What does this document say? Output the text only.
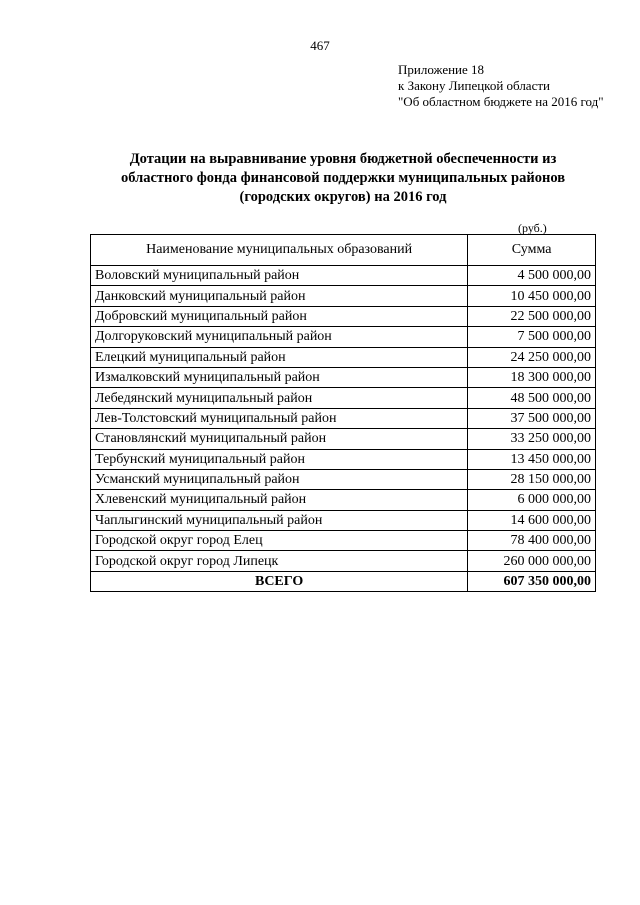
467
Приложение 18
к Закону Липецкой области
"Об областном бюджете на 2016 год"
Дотации на выравнивание уровня бюджетной обеспеченности из
областного фонда финансовой поддержки муниципальных районов
(городских округов) на 2016 год
(руб.)
Наименование муниципальных образований	Сумма
Воловский муниципальный район	4 500 000,00
Данковский муниципальный район	10 450 000,00
Добровский муниципальный район	22 500 000,00
Долгоруковский муниципальный район	7 500 000,00
Елецкий муниципальный район	24 250 000,00
Измалковский муниципальный район	18 300 000,00
Лебедянский муниципальный район	48 500 000,00
Лев-Толстовский муниципальный район	37 500 000,00
Становлянский муниципальный район	33 250 000,00
Тербунский муниципальный район	13 450 000,00
Усманский муниципальный район	28 150 000,00
Хлевенский муниципальный район	6 000 000,00
Чаплыгинский муниципальный район	14 600 000,00
Городской округ город Елец	78 400 000,00
Городской округ город Липецк	260 000 000,00
ВСЕГО	607 350 000,00
